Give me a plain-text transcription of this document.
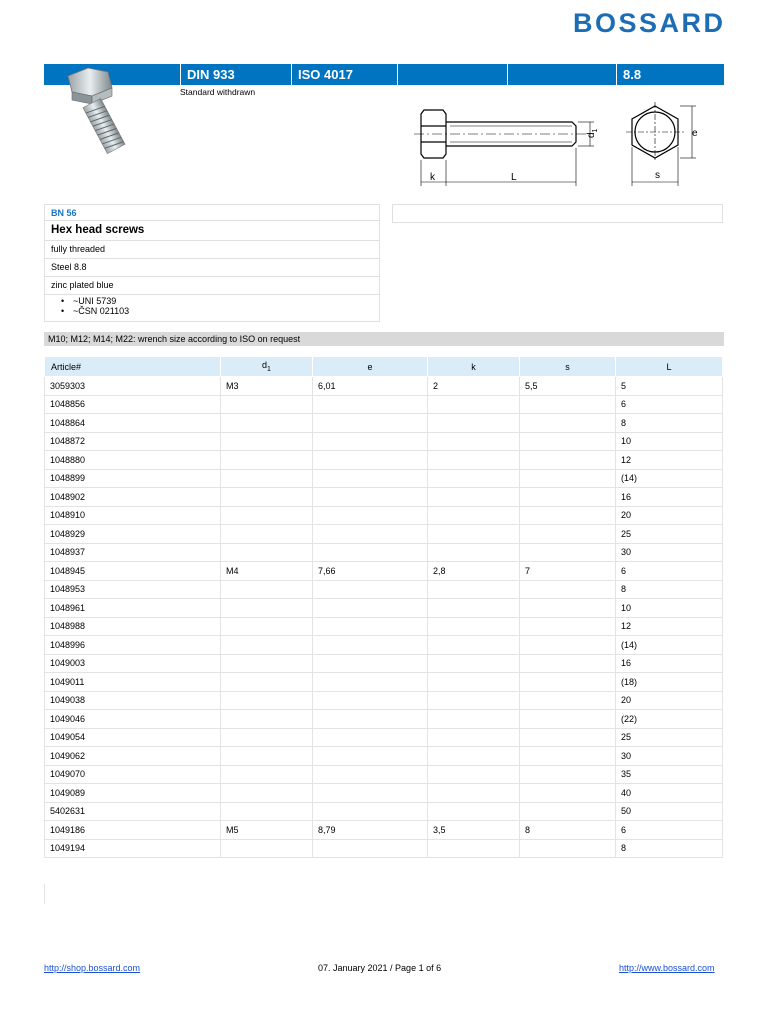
BOSSARD
DIN 933	ISO 4017	8.8
Standard withdrawn
k	L	s
$d_1$	e
BN 56
Hex head screws
fully threaded
Steel 8.8
zinc plated blue
• ~UNI 5739
• ~ČSN 021103
M10; M12; M14; M22: wrench size according to ISO on request
Article#	$d_1$	e	k	s	L
3059303	M3	6,01	2	5,5	5
1048856					6
1048864					8
1048872					10
1048880					12
1048899					(14)
1048902					16
1048910					20
1048929					25
1048937					30
1048945	M4	7,66	2,8	7	6
1048953					8
1048961					10
1048988					12
1048996					(14)
1049003					16
1049011					(18)
1049038					20
1049046					(22)
1049054					25
1049062					30
1049070					35
1049089					40
5402631					50
1049186	M5	8,79	3,5	8	6
1049194					8
http://shop.bossard.com	07. January 2021 / Page 1 of 6	http://www.bossard.com
